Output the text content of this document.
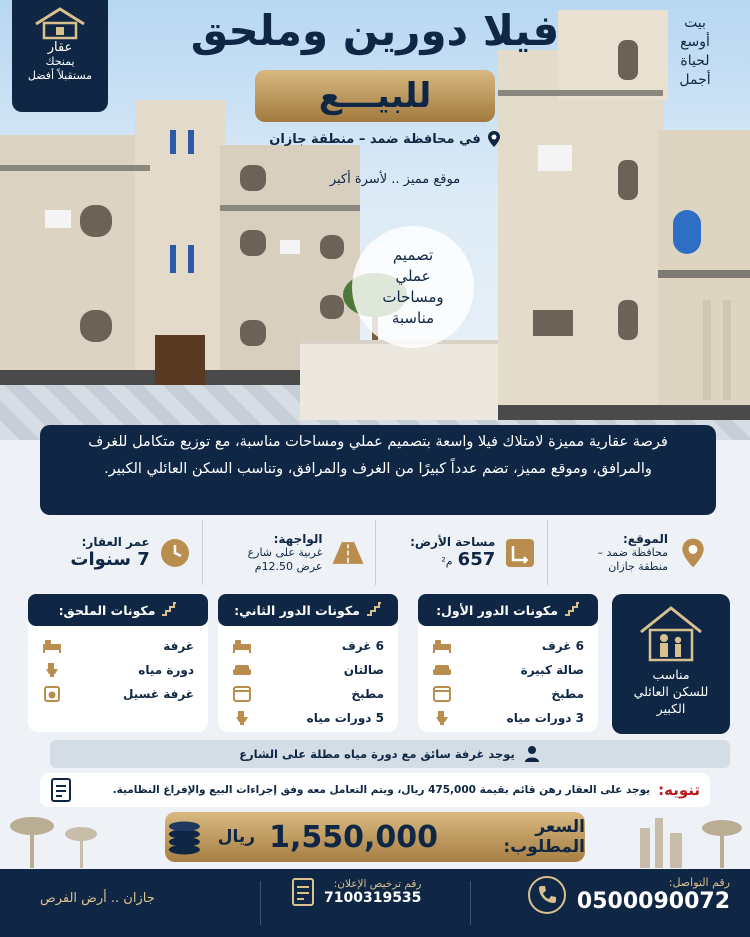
عقار
يمنحك
مستقبلاً أفضل
بيت
أوسع
لحياة
أجمل
فيلا دورين وملحق
للبيـــع
في محافظة ضمد – منطقة جازان
موقع مميز .. لأسرة أكبر
تصميم
عملي
ومساحات
مناسبة
فرصة عقارية مميزة لامتلاك فيلا واسعة بتصميم عملي ومساحات مناسبة، مع توزيع متكامل للغرف والمرافق، وموقع مميز، تضم عدداً كبيرًا من الغرف والمرافق، وتناسب السكن العائلي الكبير.
الموقع:
محافظة ضمد –
منطقة جازان
مساحة الأرض:
657 م²
الواجهة:
غربية على شارع
عرض 12.50م
عمر العقار:
7 سنوات
مناسب
للسكن العائلي
الكبير
مكونات الدور الأول:
6 غرف
صالة كبيرة
مطبخ
3 دورات مياه
مكونات الدور الثاني:
6 غرف
صالتان
مطبخ
5 دورات مياه
مكونات الملحق:
غرفة
دورة مياه
غرفة غسيل
يوجد غرفة سائق مع دورة مياه مطلة على الشارع
تنويه:
يوجد على العقار رهن قائم بقيمة 475,000 ريال، ويتم التعامل معه وفق إجراءات البيع والإفراغ النظامية.
السعر المطلوب:
1,550,000
ريال
رقم التواصل:
0500090072
رقم ترخيص الإعلان:
7100319535
جازان .. أرض الفرص
